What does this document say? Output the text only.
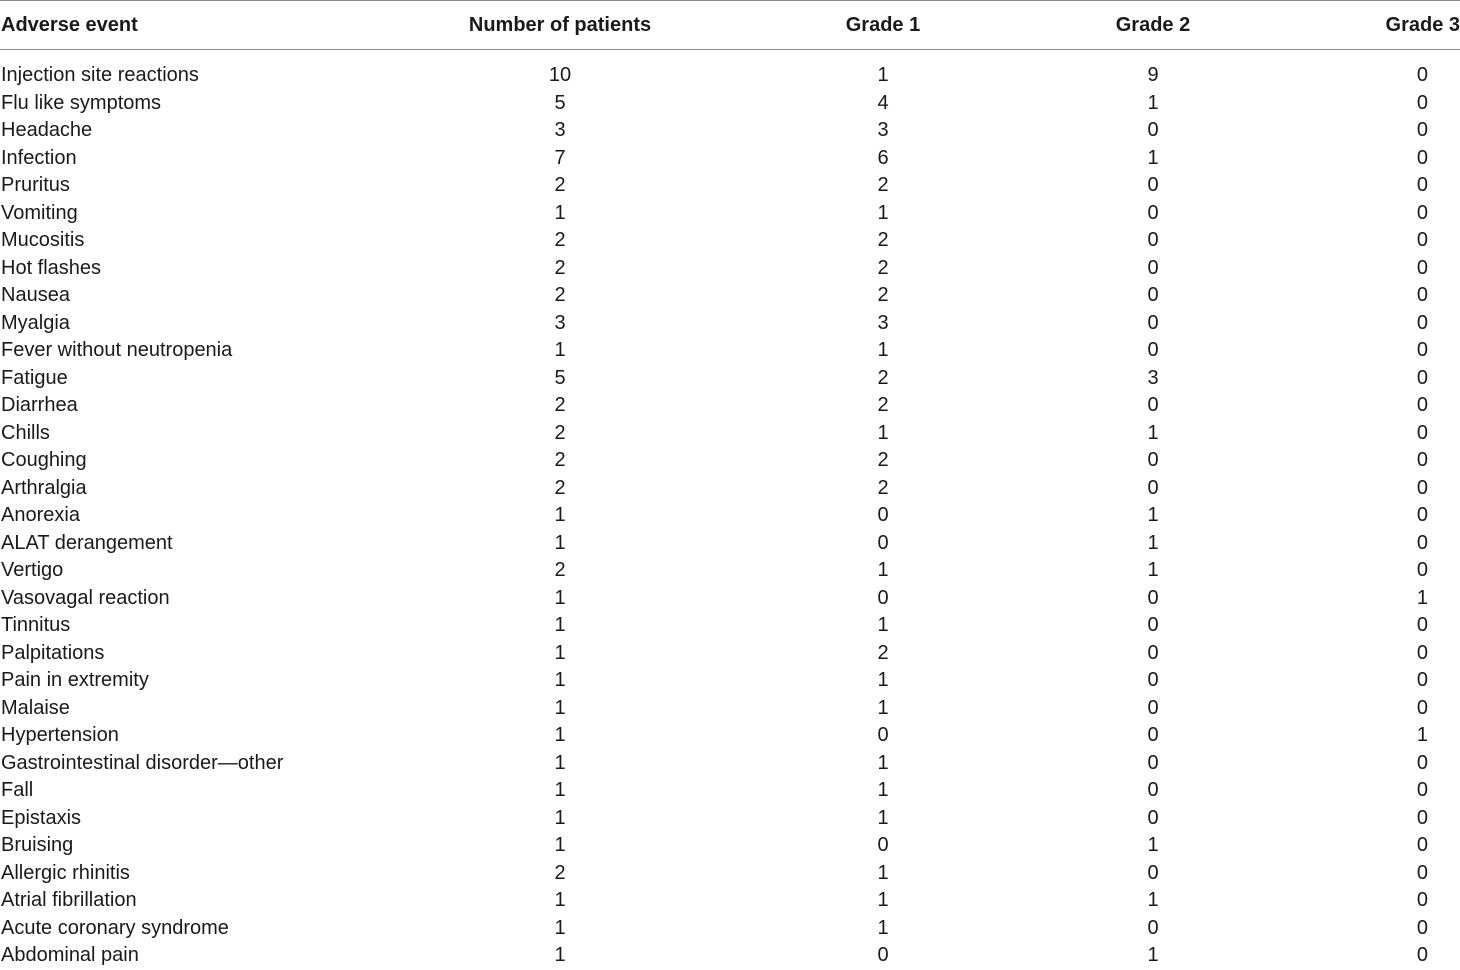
Adverse event	Number of patients	Grade 1	Grade 2	Grade 3
Injection site reactions	10	1	9	0
Flu like symptoms	5	4	1	0
Headache	3	3	0	0
Infection	7	6	1	0
Pruritus	2	2	0	0
Vomiting	1	1	0	0
Mucositis	2	2	0	0
Hot flashes	2	2	0	0
Nausea	2	2	0	0
Myalgia	3	3	0	0
Fever without neutropenia	1	1	0	0
Fatigue	5	2	3	0
Diarrhea	2	2	0	0
Chills	2	1	1	0
Coughing	2	2	0	0
Arthralgia	2	2	0	0
Anorexia	1	0	1	0
ALAT derangement	1	0	1	0
Vertigo	2	1	1	0
Vasovagal reaction	1	0	0	1
Tinnitus	1	1	0	0
Palpitations	1	2	0	0
Pain in extremity	1	1	0	0
Malaise	1	1	0	0
Hypertension	1	0	0	1
Gastrointestinal disorder—other	1	1	0	0
Fall	1	1	0	0
Epistaxis	1	1	0	0
Bruising	1	0	1	0
Allergic rhinitis	2	1	0	0
Atrial fibrillation	1	1	1	0
Acute coronary syndrome	1	1	0	0
Abdominal pain	1	0	1	0
